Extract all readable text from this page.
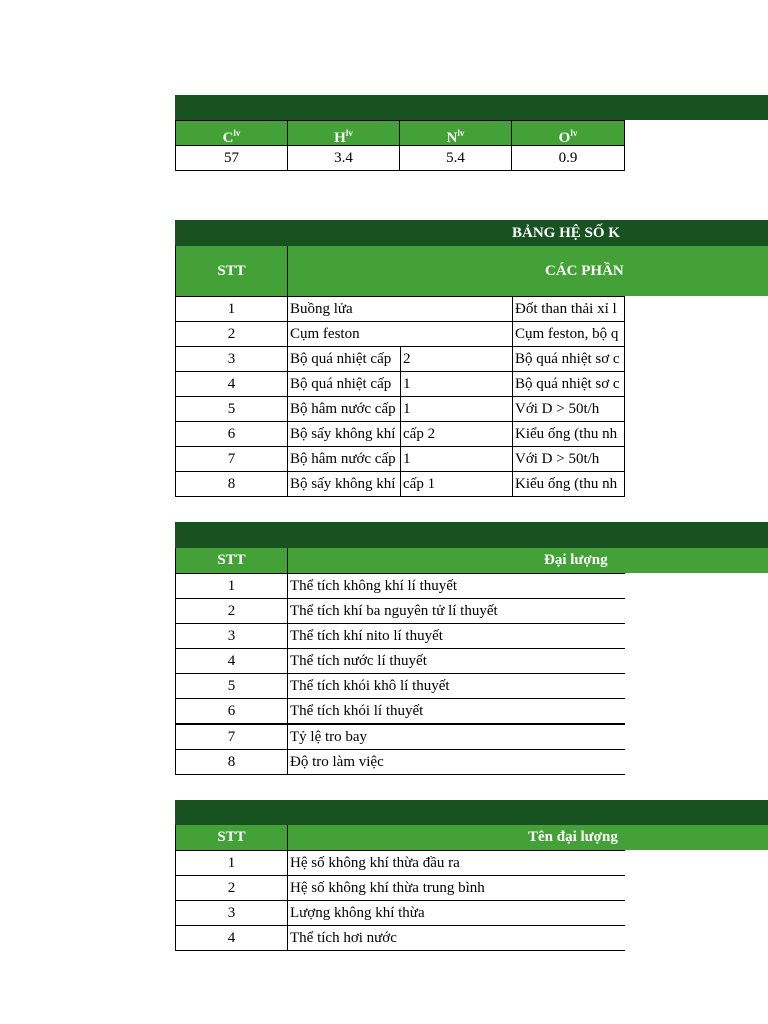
$C^{lv}$	$H^{lv}$	$N^{lv}$	$O^{lv}$
57	3.4	5.4	0.9
BẢNG HỆ SỐ K
STT	CÁC PHẦN
1	Buồng lửa	Đốt than thải xỉ l
2	Cụm feston	Cụm feston, bộ q
3	Bộ quá nhiệt cấp 2	Bộ quá nhiệt sơ c
4	Bộ quá nhiệt cấp 1	Bộ quá nhiệt sơ c
5	Bộ hâm nước cấp 1	Với D > 50t/h
6	Bộ sấy không khí cấp 2	Kiểu ống (thu nh
7	Bộ hâm nước cấp 1	Với D > 50t/h
8	Bộ sấy không khí cấp 1	Kiểu ống (thu nh
STT	Đại lượng
1	Thể tích không khí lí thuyết
2	Thể tích khí ba nguyên tử lí thuyết
3	Thể tích khí nito lí thuyết
4	Thể tích nước lí thuyết
5	Thể tích khói khô lí thuyết
6	Thể tích khói lí thuyết
7	Tỷ lệ tro bay
8	Độ tro làm việc
STT	Tên đại lượng
1	Hệ số không khí thừa đầu ra
2	Hệ số không khí thừa trung bình
3	Lượng không khí thừa
4	Thể tích hơi nước
